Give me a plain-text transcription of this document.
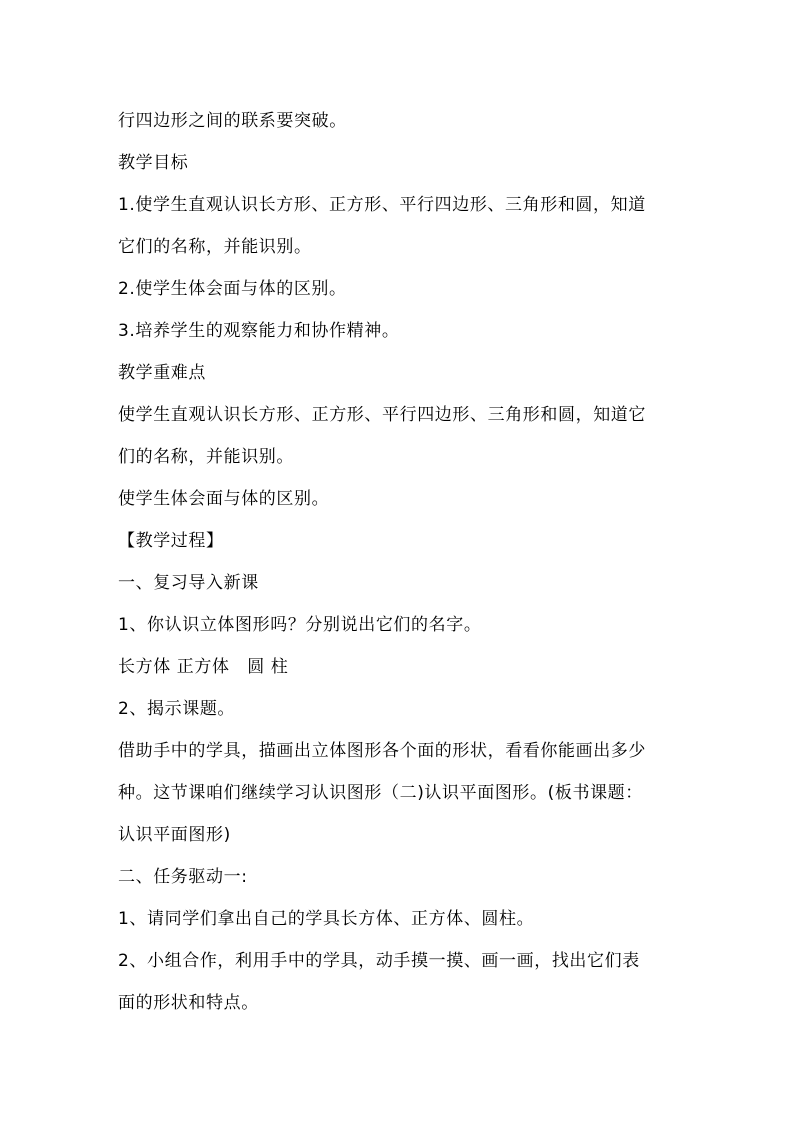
行四边形之间的联系要突破。
教学目标
1.使学生直观认识长方形、正方形、平行四边形、三角形和圆，知道
它们的名称，并能识别。
2.使学生体会面与体的区别。
3.培养学生的观察能力和协作精神。
教学重难点
使学生直观认识长方形、正方形、平行四边形、三角形和圆，知道它
们的名称，并能识别。
使学生体会面与体的区别。
【教学过程】
一、复习导入新课
1、你认识立体图形吗？分别说出它们的名字。
长方体 正方体　圆 柱
2、揭示课题。
借助手中的学具，描画出立体图形各个面的形状，看看你能画出多少
种。这节课咱们继续学习认识图形（二)认识平面图形。(板书课题：
认识平面图形)
二、任务驱动一:
1、请同学们拿出自己的学具长方体、正方体、圆柱。
2、小组合作，利用手中的学具，动手摸一摸、画一画，找出它们表
面的形状和特点。
